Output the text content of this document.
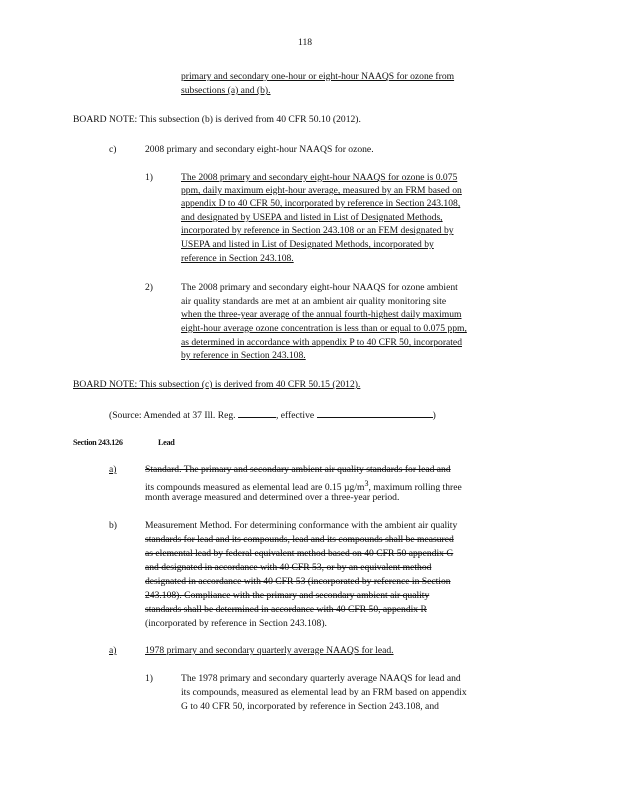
118
primary and secondary one-hour or eight-hour NAAQS for ozone from
subsections (a) and (b).
BOARD NOTE: This subsection (b) is derived from 40 CFR 50.10 (2012).
c)	2008 primary and secondary eight-hour NAAQS for ozone.
1)	The 2008 primary and secondary eight-hour NAAQS for ozone is 0.075
ppm, daily maximum eight-hour average, measured by an FRM based on
appendix D to 40 CFR 50, incorporated by reference in Section 243.108,
and designated by USEPA and listed in List of Designated Methods,
incorporated by reference in Section 243.108 or an FEM designated by
USEPA and listed in List of Designated Methods, incorporated by
reference in Section 243.108.
2)	The 2008 primary and secondary eight-hour NAAQS for ozone ambient
air quality standards are met at an ambient air quality monitoring site
when the three-year average of the annual fourth-highest daily maximum
eight-hour average ozone concentration is less than or equal to 0.075 ppm,
as determined in accordance with appendix P to 40 CFR 50, incorporated
by reference in Section 243.108.
BOARD NOTE: This subsection (c) is derived from 40 CFR 50.15 (2012).
(Source: Amended at 37 Ill. Reg.	, effective	)
Section 243.126	Lead
a)	Standard. The primary and secondary ambient air quality standards for lead and
its compounds measured as elemental lead are 0.15 $\mu g/m^3$, maximum rolling three
month average measured and determined over a three-year period.
b)	Measurement Method. For determining conformance with the ambient air quality
standards for lead and its compounds, lead and its compounds shall be measured
as elemental lead by federal equivalent method based on 40 CFR 50 appendix G
and designated in accordance with 40 CFR 53, or by an equivalent method
designated in accordance with 40 CFR 53 (incorporated by reference in Section
243.108). Compliance with the primary and secondary ambient air quality
standards shall be determined in accordance with 40 CFR 50, appendix R
(incorporated by reference in Section 243.108).
a)	1978 primary and secondary quarterly average NAAQS for lead.
1)	The 1978 primary and secondary quarterly average NAAQS for lead and
its compounds, measured as elemental lead by an FRM based on appendix
G to 40 CFR 50, incorporated by reference in Section 243.108, and
